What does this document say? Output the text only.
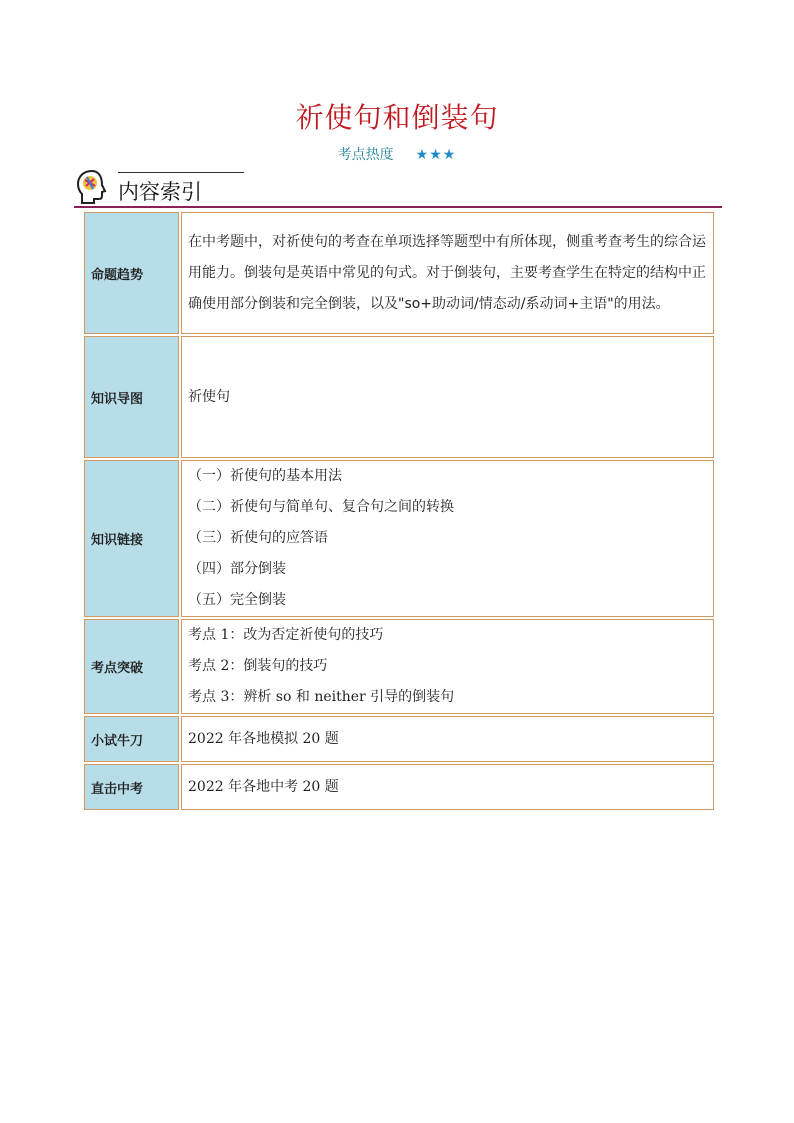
祈使句和倒装句
考点热度 ★★★
内容索引
命题趋势	在中考题中，对祈使句的考查在单项选择等题型中有所体现，侧重考查考生的综合运用能力。倒装句是英语中常见的句式。对于倒装句，主要考查学生在特定的结构中正确使用部分倒装和完全倒装，以及"so+助动词/情态动/系动词+主语"的用法。
知识导图	祈使句
知识链接	（一）祈使句的基本用法
（二）祈使句与简单句、复合句之间的转换
（三）祈使句的应答语
（四）部分倒装
（五）完全倒装

考点突破	考点 1：改为否定祈使句的技巧
考点 2：倒装句的技巧
考点 3：辨析 so 和 neither 引导的倒装句

小试牛刀	2022 年各地模拟 20 题
直击中考	2022 年各地中考 20 题
